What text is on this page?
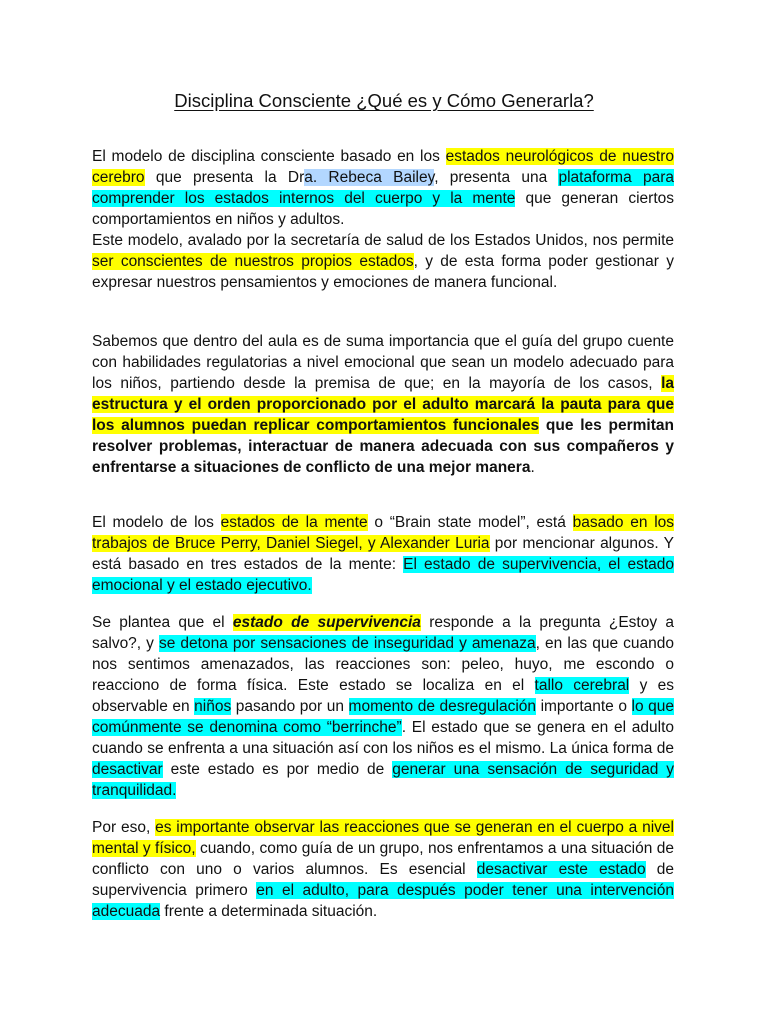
Disciplina Consciente ¿Qué es y Cómo Generarla?
El modelo de disciplina consciente basado en los estados neurológicos de nuestro cerebro que presenta la Dra. Rebeca Bailey, presenta una plataforma para comprender los estados internos del cuerpo y la mente que generan ciertos comportamientos en niños y adultos.
Este modelo, avalado por la secretaría de salud de los Estados Unidos, nos permite ser conscientes de nuestros propios estados, y de esta forma poder gestionar y expresar nuestros pensamientos y emociones de manera funcional.
Sabemos que dentro del aula es de suma importancia que el guía del grupo cuente con habilidades regulatorias a nivel emocional que sean un modelo adecuado para los niños, partiendo desde la premisa de que; en la mayoría de los casos, la estructura y el orden proporcionado por el adulto marcará la pauta para que los alumnos puedan replicar comportamientos funcionales que les permitan resolver problemas, interactuar de manera adecuada con sus compañeros y enfrentarse a situaciones de conflicto de una mejor manera.
El modelo de los estados de la mente o “Brain state model”, está basado en los trabajos de Bruce Perry, Daniel Siegel, y Alexander Luria por mencionar algunos. Y está basado en tres estados de la mente: El estado de supervivencia, el estado emocional y el estado ejecutivo.
Se plantea que el estado de supervivencia responde a la pregunta ¿Estoy a salvo?, y se detona por sensaciones de inseguridad y amenaza, en las que cuando nos sentimos amenazados, las reacciones son: peleo, huyo, me escondo o reacciono de forma física. Este estado se localiza en el tallo cerebral y es observable en niños pasando por un momento de desregulación importante o lo que comúnmente se denomina como “berrinche”. El estado que se genera en el adulto cuando se enfrenta a una situación así con los niños es el mismo. La única forma de desactivar este estado es por medio de generar una sensación de seguridad y tranquilidad.
Por eso, es importante observar las reacciones que se generan en el cuerpo a nivel mental y físico, cuando, como guía de un grupo, nos enfrentamos a una situación de conflicto con uno o varios alumnos. Es esencial desactivar este estado de supervivencia primero en el adulto, para después poder tener una intervención adecuada frente a determinada situación.
